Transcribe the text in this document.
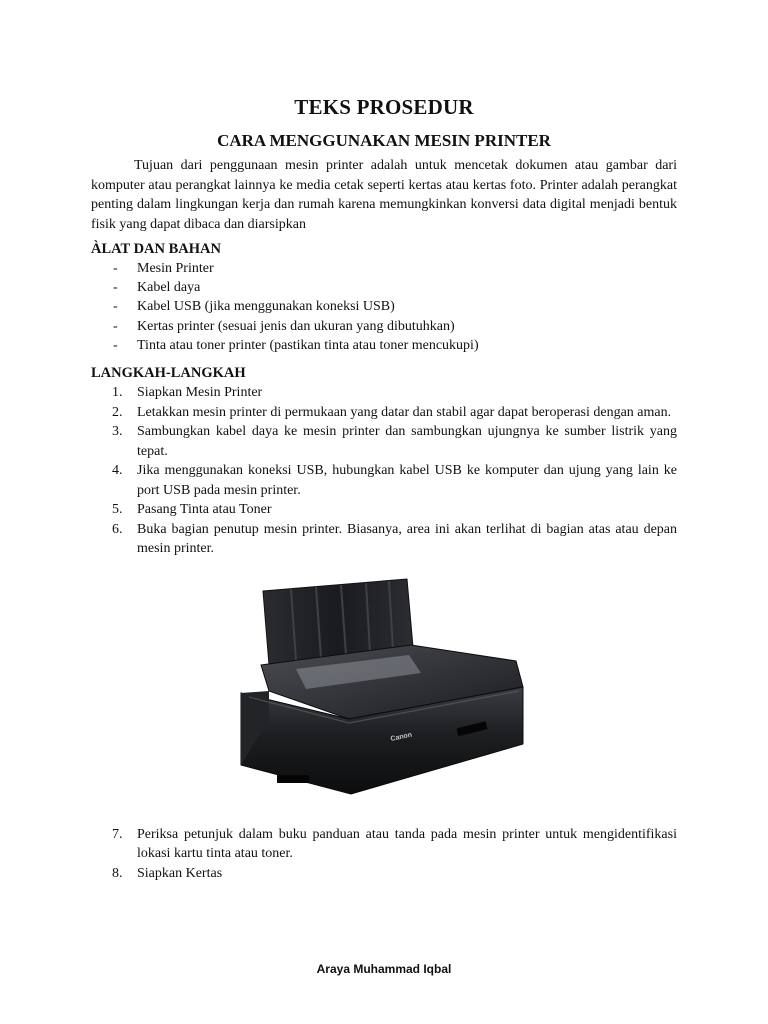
TEKS PROSEDUR
CARA MENGGUNAKAN MESIN PRINTER

Tujuan dari penggunaan mesin printer adalah untuk mencetak dokumen atau gambar dari komputer atau perangkat lainnya ke media cetak seperti kertas atau kertas foto. Printer adalah perangkat penting dalam lingkungan kerja dan rumah karena memungkinkan konversi data digital menjadi bentuk fisik yang dapat dibaca dan diarsipkan

ÀLAT DAN BAHAN
- Mesin Printer
- Kabel daya
- Kabel USB (jika menggunakan koneksi USB)
- Kertas printer (sesuai jenis dan ukuran yang dibutuhkan)
- Tinta atau toner printer (pastikan tinta atau toner mencukupi)
LANGKAH-LANGKAH
1. Siapkan Mesin Printer
2. Letakkan mesin printer di permukaan yang datar dan stabil agar dapat beroperasi dengan aman.
3. Sambungkan kabel daya ke mesin printer dan sambungkan ujungnya ke sumber listrik yang tepat.
4. Jika menggunakan koneksi USB, hubungkan kabel USB ke komputer dan ujung yang lain ke port USB pada mesin printer.
5. Pasang Tinta atau Toner
6. Buka bagian penutup mesin printer. Biasanya, area ini akan terlihat di bagian atas atau depan mesin printer.
Canon
7. Periksa petunjuk dalam buku panduan atau tanda pada mesin printer untuk mengidentifikasi lokasi kartu tinta atau toner.
8. Siapkan Kertas
Araya Muhammad Iqbal
